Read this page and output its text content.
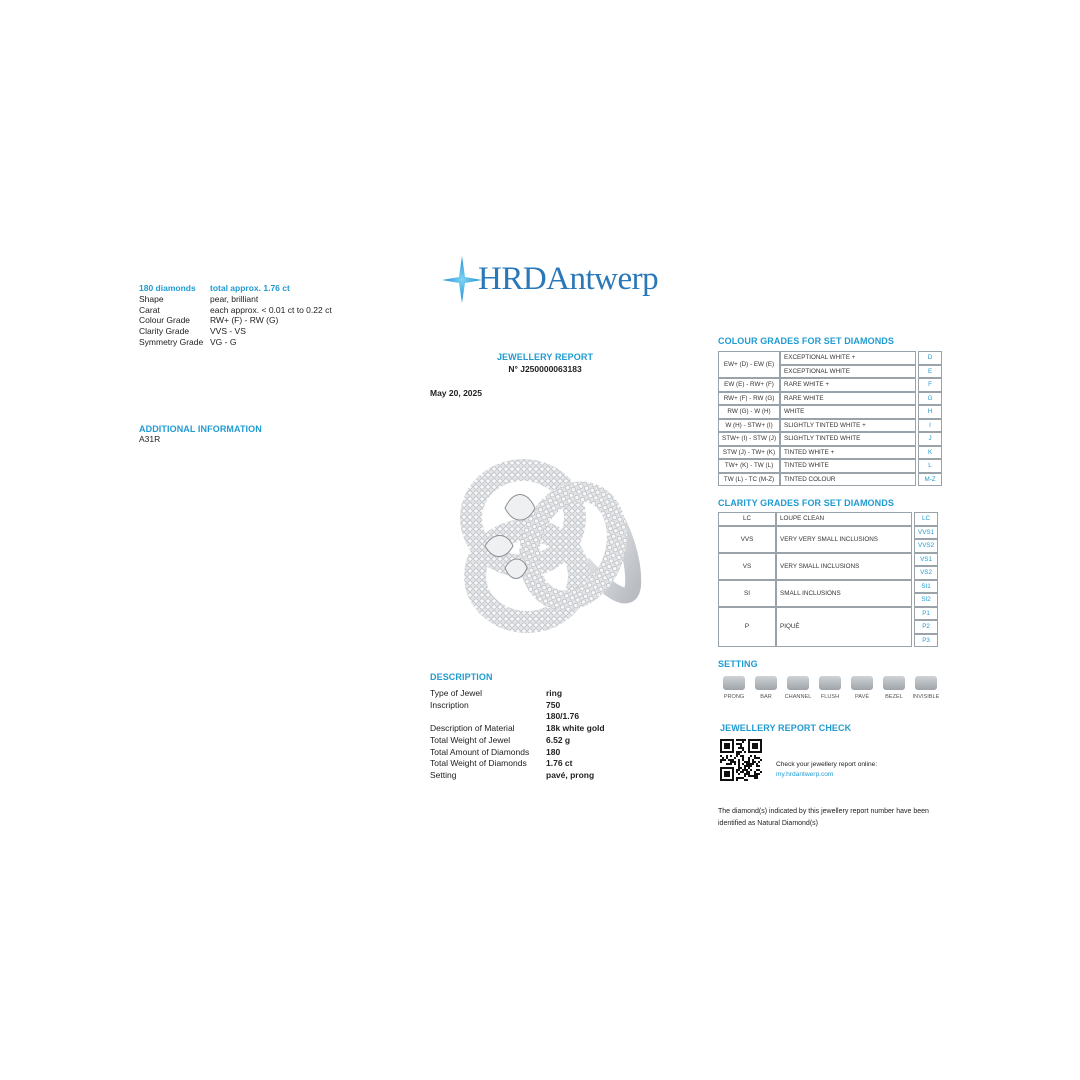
180 diamonds	total approx. 1.76 ct
Shape	pear, brilliant
Carat	each approx. < 0.01 ct to 0.22 ct
Colour Grade	RW+ (F) - RW (G)
Clarity Grade	VVS - VS
Symmetry Grade VG - G
ADDITIONAL INFORMATION
A31R
HRDAntwerp
JEWELLERY REPORT
N° J250000063183
May 20, 2025
DESCRIPTION
Type of Jewel	ring
Inscription	750
180/1.76
Description of Material	18k white gold
Total Weight of Jewel	6.52 g
Total Amount of Diamonds	180
Total Weight of Diamonds	1.76 ct
Setting	pavé, prong
COLOUR GRADES FOR SET DIAMONDS
EW+ (D) - EW (E)	EXCEPTIONAL WHITE +		D
	EXCEPTIONAL WHITE		E
EW (E) - RW+ (F)	RARE WHITE +		F
RW+ (F) - RW (G)	RARE WHITE		G
RW (G) - W (H)	WHITE		H
W (H) - STW+ (I)	SLIGHTLY TINTED WHITE +		I
STW+ (I) - STW (J)	SLIGHTLY TINTED WHITE		J
STW (J) - TW+ (K)	TINTED WHITE +		K
TW+ (K) - TW (L)	TINTED WHITE		L
TW (L) - TC (M-Z)	TINTED COLOUR		M-Z
CLARITY GRADES FOR SET DIAMONDS
LC	LOUPE CLEAN		LC
VVS	VERY VERY SMALL INCLUSIONS		VVS1
			VVS2
VS	VERY SMALL INCLUSIONS		VS1
			VS2
SI	SMALL INCLUSIONS		SI1
			SI2
P	PIQUÉ		P1
			P2
			P3
SETTING
PRONG	BAR	CHANNEL	FLUSH	PAVÉ	BEZEL	INVISIBLE
JEWELLERY REPORT CHECK
Check your jewellery report online:
my.hrdantwerp.com
The diamond(s) indicated by this jewellery report number have been identified as Natural Diamond(s)
